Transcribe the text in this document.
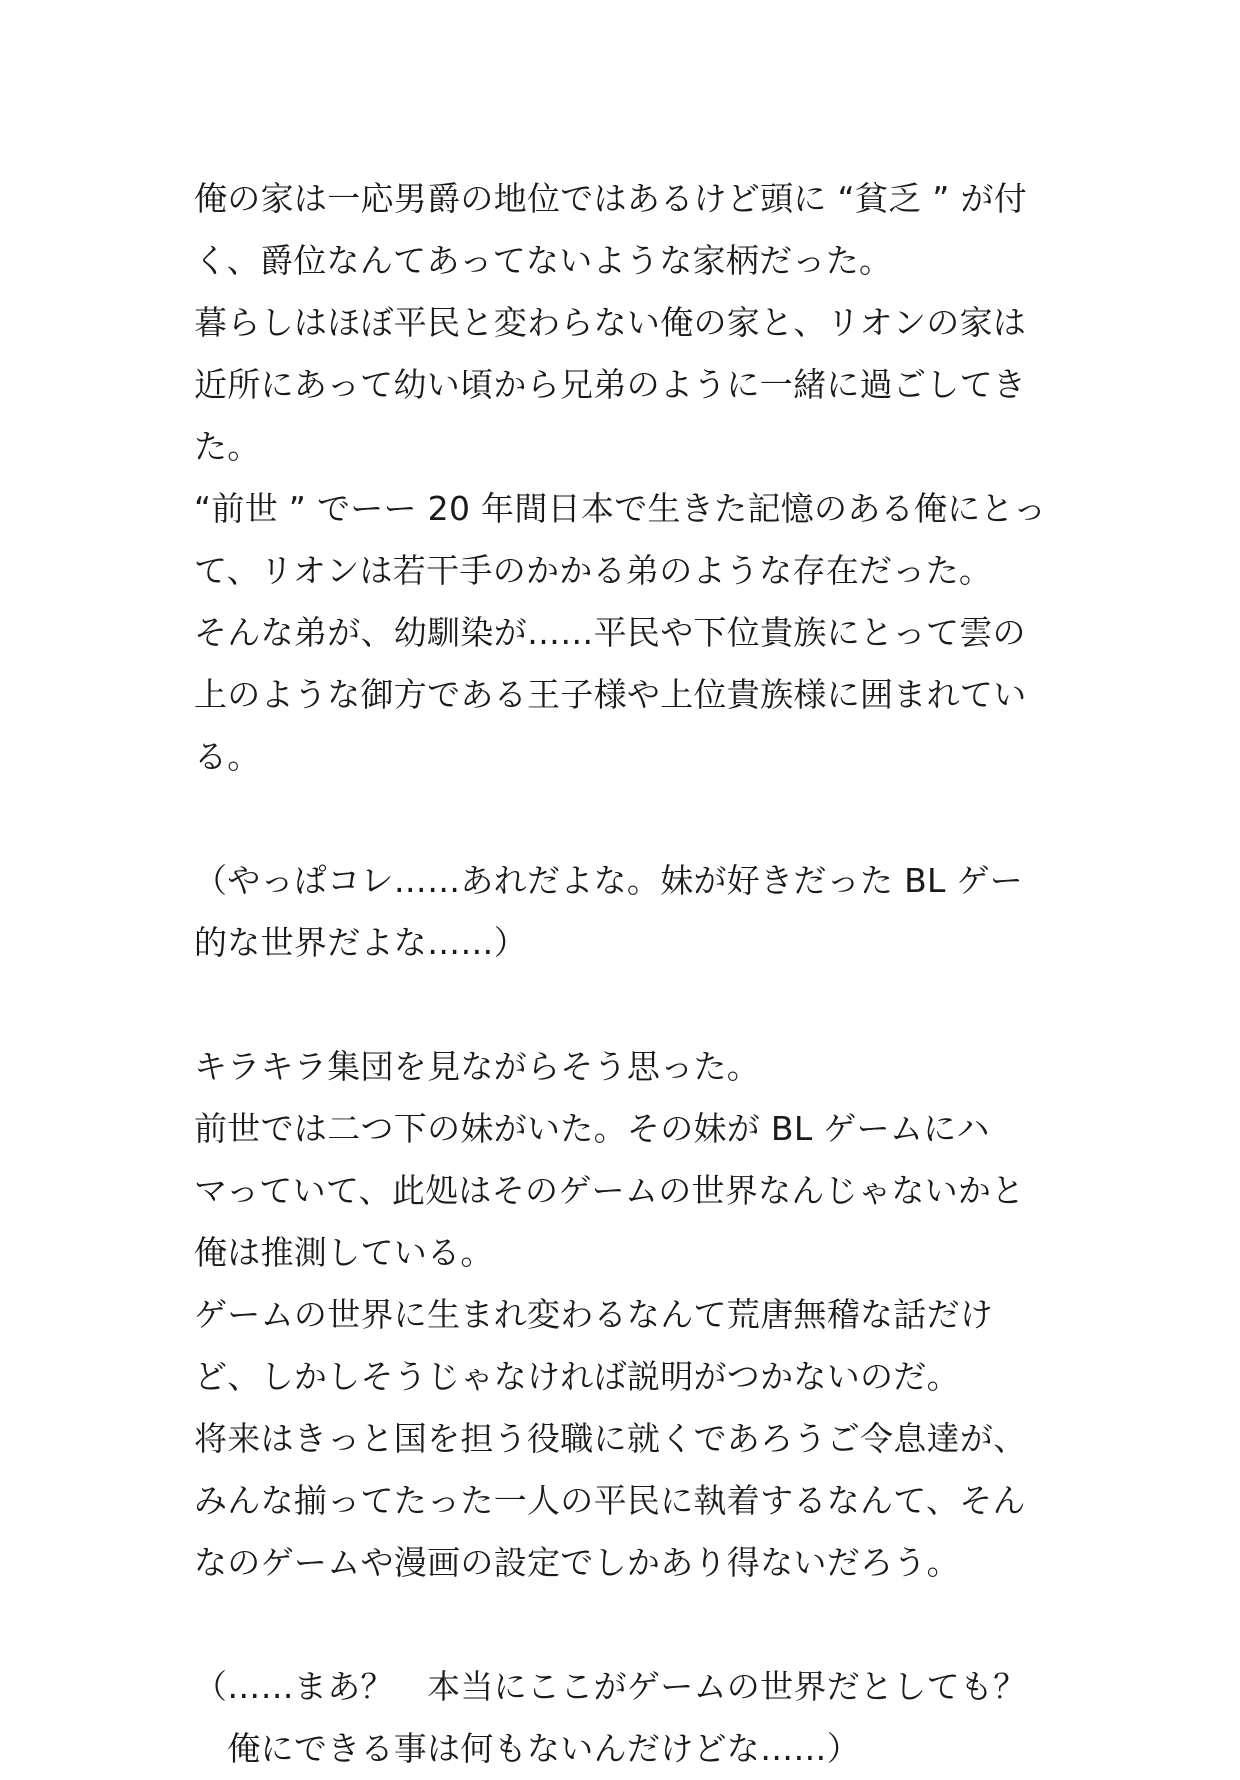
俺の家は一応男爵の地位ではあるけど頭に “貧乏 ” が付
く、爵位なんてあってないような家柄だった。
暮らしはほぼ平民と変わらない俺の家と、リオンの家は
近所にあって幼い頃から兄弟のように一緒に過ごしてき
た。
“前世 ” でーー 20 年間日本で生きた記憶のある俺にとっ
て、リオンは若干手のかかる弟のような存在だった。
そんな弟が、幼馴染が……平民や下位貴族にとって雲の
上のような御方である王子様や上位貴族様に囲まれてい
る。
（やっぱコレ……あれだよな。妹が好きだった BL ゲー
的な世界だよな……）
キラキラ集団を見ながらそう思った。
前世では二つ下の妹がいた。その妹が BL ゲームにハ
マっていて、此処はそのゲームの世界なんじゃないかと
俺は推測している。
ゲームの世界に生まれ変わるなんて荒唐無稽な話だけ
ど、しかしそうじゃなければ説明がつかないのだ。
将来はきっと国を担う役職に就くであろうご令息達が、
みんな揃ってたった一人の平民に執着するなんて、そん
なのゲームや漫画の設定でしかあり得ないだろう。
（……まあ？　本当にここがゲームの世界だとしても？
　俺にできる事は何もないんだけどな……）
